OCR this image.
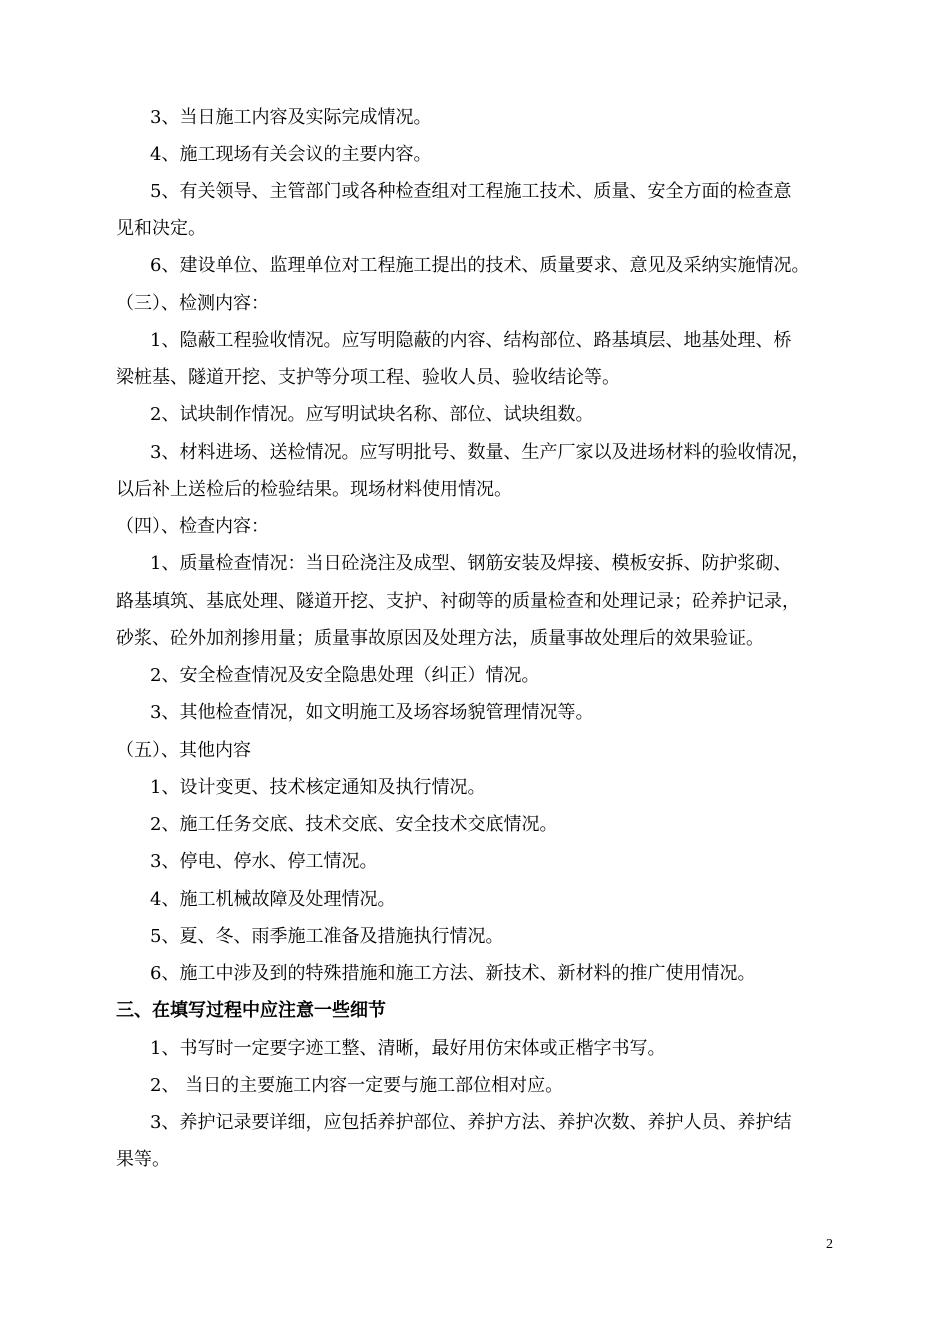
3、当日施工内容及实际完成情况。
4、施工现场有关会议的主要内容。
5、有关领导、主管部门或各种检查组对工程施工技术、质量、安全方面的检查意
见和决定。
6、建设单位、监理单位对工程施工提出的技术、质量要求、意见及采纳实施情况。
（三）、检测内容：
1、隐蔽工程验收情况。应写明隐蔽的内容、结构部位、路基填层、地基处理、桥
梁桩基、隧道开挖、支护等分项工程、验收人员、验收结论等。
2、试块制作情况。应写明试块名称、部位、试块组数。
3、材料进场、送检情况。应写明批号、数量、生产厂家以及进场材料的验收情况，
以后补上送检后的检验结果。现场材料使用情况。
（四）、检查内容：
1、质量检查情况：当日砼浇注及成型、钢筋安装及焊接、模板安拆、防护浆砌、
路基填筑、基底处理、隧道开挖、支护、衬砌等的质量检查和处理记录；砼养护记录，
砂浆、砼外加剂掺用量；质量事故原因及处理方法，质量事故处理后的效果验证。
2、安全检查情况及安全隐患处理（纠正）情况。
3、其他检查情况，如文明施工及场容场貌管理情况等。
（五）、其他内容
1、设计变更、技术核定通知及执行情况。
2、施工任务交底、技术交底、安全技术交底情况。
3、停电、停水、停工情况。
4、施工机械故障及处理情况。
5、夏、冬、雨季施工准备及措施执行情况。
6、施工中涉及到的特殊措施和施工方法、新技术、新材料的推广使用情况。
三、在填写过程中应注意一些细节
1、书写时一定要字迹工整、清晰，最好用仿宋体或正楷字书写。
2、 当日的主要施工内容一定要与施工部位相对应。
3、养护记录要详细，应包括养护部位、养护方法、养护次数、养护人员、养护结
果等。
2
